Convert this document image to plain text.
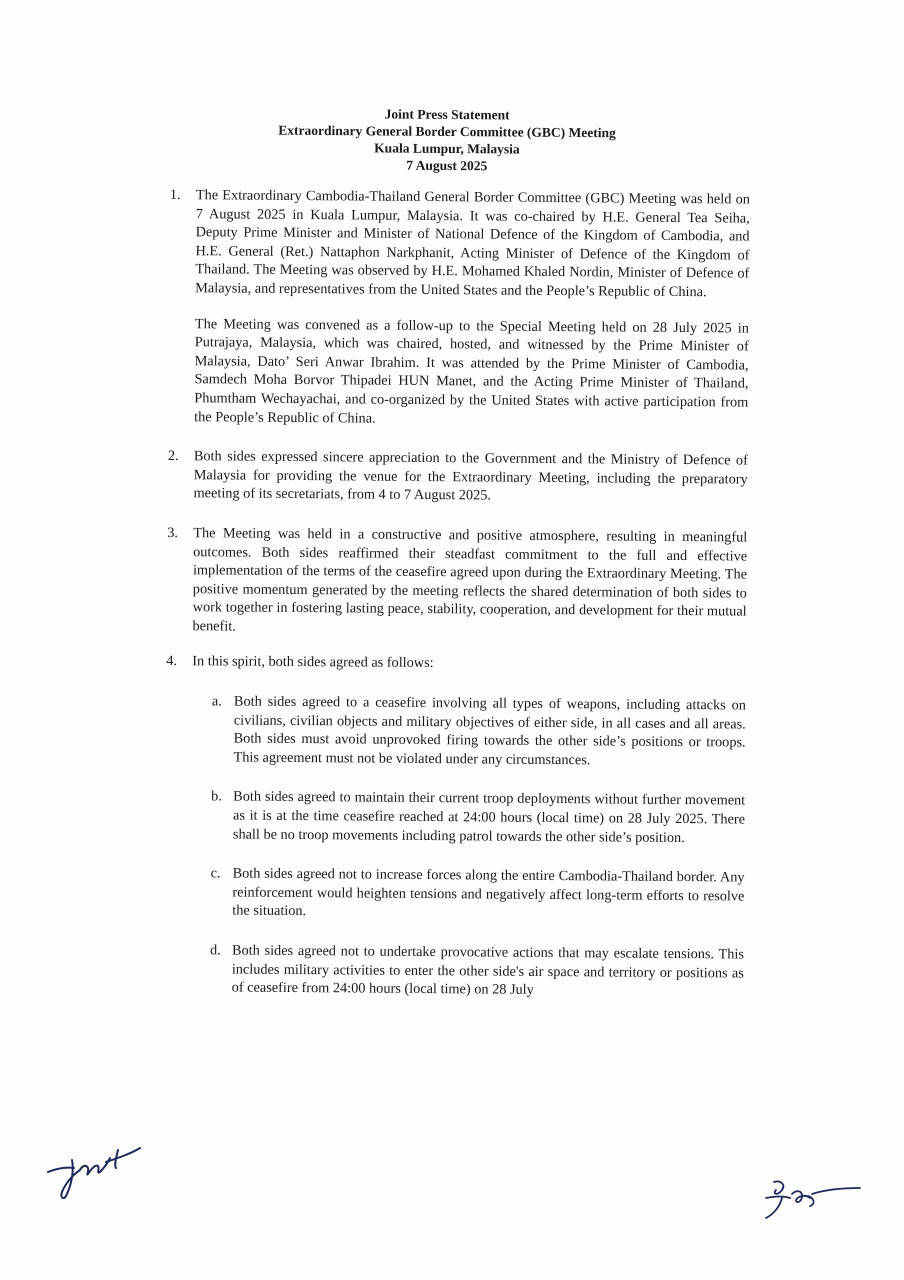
Joint Press Statement
Extraordinary General Border Committee (GBC) Meeting
Kuala Lumpur, Malaysia
7 August 2025
1.	The Extraordinary Cambodia-Thailand General Border Committee (GBC) Meeting was held on 7 August 2025 in Kuala Lumpur, Malaysia. It was co-chaired by H.E. General Tea Seiha, Deputy Prime Minister and Minister of National Defence of the Kingdom of Cambodia, and H.E. General (Ret.) Nattaphon Narkphanit, Acting Minister of Defence of the Kingdom of Thailand. The Meeting was observed by H.E. Mohamed Khaled Nordin, Minister of Defence of Malaysia, and representatives from the United States and the People’s Republic of China.
The Meeting was convened as a follow-up to the Special Meeting held on 28 July 2025 in Putrajaya, Malaysia, which was chaired, hosted, and witnessed by the Prime Minister of Malaysia, Dato’ Seri Anwar Ibrahim. It was attended by the Prime Minister of Cambodia, Samdech Moha Borvor Thipadei HUN Manet, and the Acting Prime Minister of Thailand, Phumtham Wechayachai, and co-organized by the United States with active participation from the People’s Republic of China.
2.	Both sides expressed sincere appreciation to the Government and the Ministry of Defence of Malaysia for providing the venue for the Extraordinary Meeting, including the preparatory meeting of its secretariats, from 4 to 7 August 2025.
3.	The Meeting was held in a constructive and positive atmosphere, resulting in meaningful outcomes. Both sides reaffirmed their steadfast commitment to the full and effective implementation of the terms of the ceasefire agreed upon during the Extraordinary Meeting. The positive momentum generated by the meeting reflects the shared determination of both sides to work together in fostering lasting peace, stability, cooperation, and development for their mutual benefit.
4.	In this spirit, both sides agreed as follows:
a. Both sides agreed to a ceasefire involving all types of weapons, including attacks on civilians, civilian objects and military objectives of either side, in all cases and all areas. Both sides must avoid unprovoked firing towards the other side’s positions or troops. This agreement must not be violated under any circumstances.
b. Both sides agreed to maintain their current troop deployments without further movement as it is at the time ceasefire reached at 24:00 hours (local time) on 28 July 2025. There shall be no troop movements including patrol towards the other side’s position.
c. Both sides agreed not to increase forces along the entire Cambodia-Thailand border. Any reinforcement would heighten tensions and negatively affect long-term efforts to resolve the situation.
d. Both sides agreed not to undertake provocative actions that may escalate tensions. This includes military activities to enter the other side's air space and territory or positions as of ceasefire from 24:00 hours (local time) on 28 July
